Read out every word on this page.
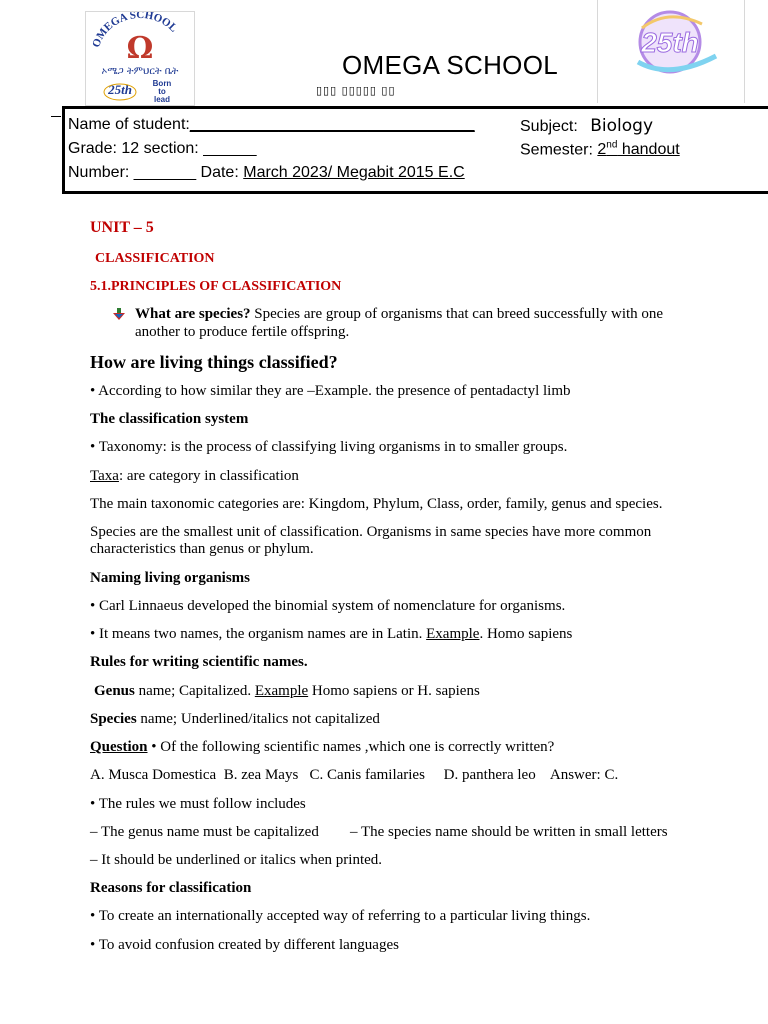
OMEGA SCHOOL
Ω
ኦሜጋ ትምህርት ቤት
25th	Born
to
lead
25th
OMEGA SCHOOL
▯▯▯ ▯▯▯▯▯ ▯▯
Name of student:________________________________	Subject: Biology
Grade: 12 section: ______	Semester: 2nd handout
Number: _______ Date: March 2023/ Megabit 2015 E.C
UNIT – 5
CLASSIFICATION
5.1.PRINCIPLES OF CLASSIFICATION
What are species? Species are group of organisms that can breed successfully with one
another to produce fertile offspring.
How are living things classified?
• According to how similar they are –Example. the presence of pentadactyl limb
The classification system
• Taxonomy: is the process of classifying living organisms in to smaller groups.
Taxa: are category in classification
The main taxonomic categories are: Kingdom, Phylum, Class, order, family, genus and species.
Species are the smallest unit of classification. Organisms in same species have more common
characteristics than genus or phylum.
Naming living organisms
• Carl Linnaeus developed the binomial system of nomenclature for organisms.
• It means two names, the organism names are in Latin. Example. Homo sapiens
Rules for writing scientific names.
Genus name; Capitalized. Example Homo sapiens or H. sapiens
Species name; Underlined/italics not capitalized
Question • Of the following scientific names ,which one is correctly written?
A. Musca Domestica  B. zea Mays   C. Canis familaries     D. panthera leo    Answer: C.
• The rules we must follow includes
– The genus name must be capitalized – The species name should be written in small letters
– It should be underlined or italics when printed.
Reasons for classification
• To create an internationally accepted way of referring to a particular living things.
• To avoid confusion created by different languages
